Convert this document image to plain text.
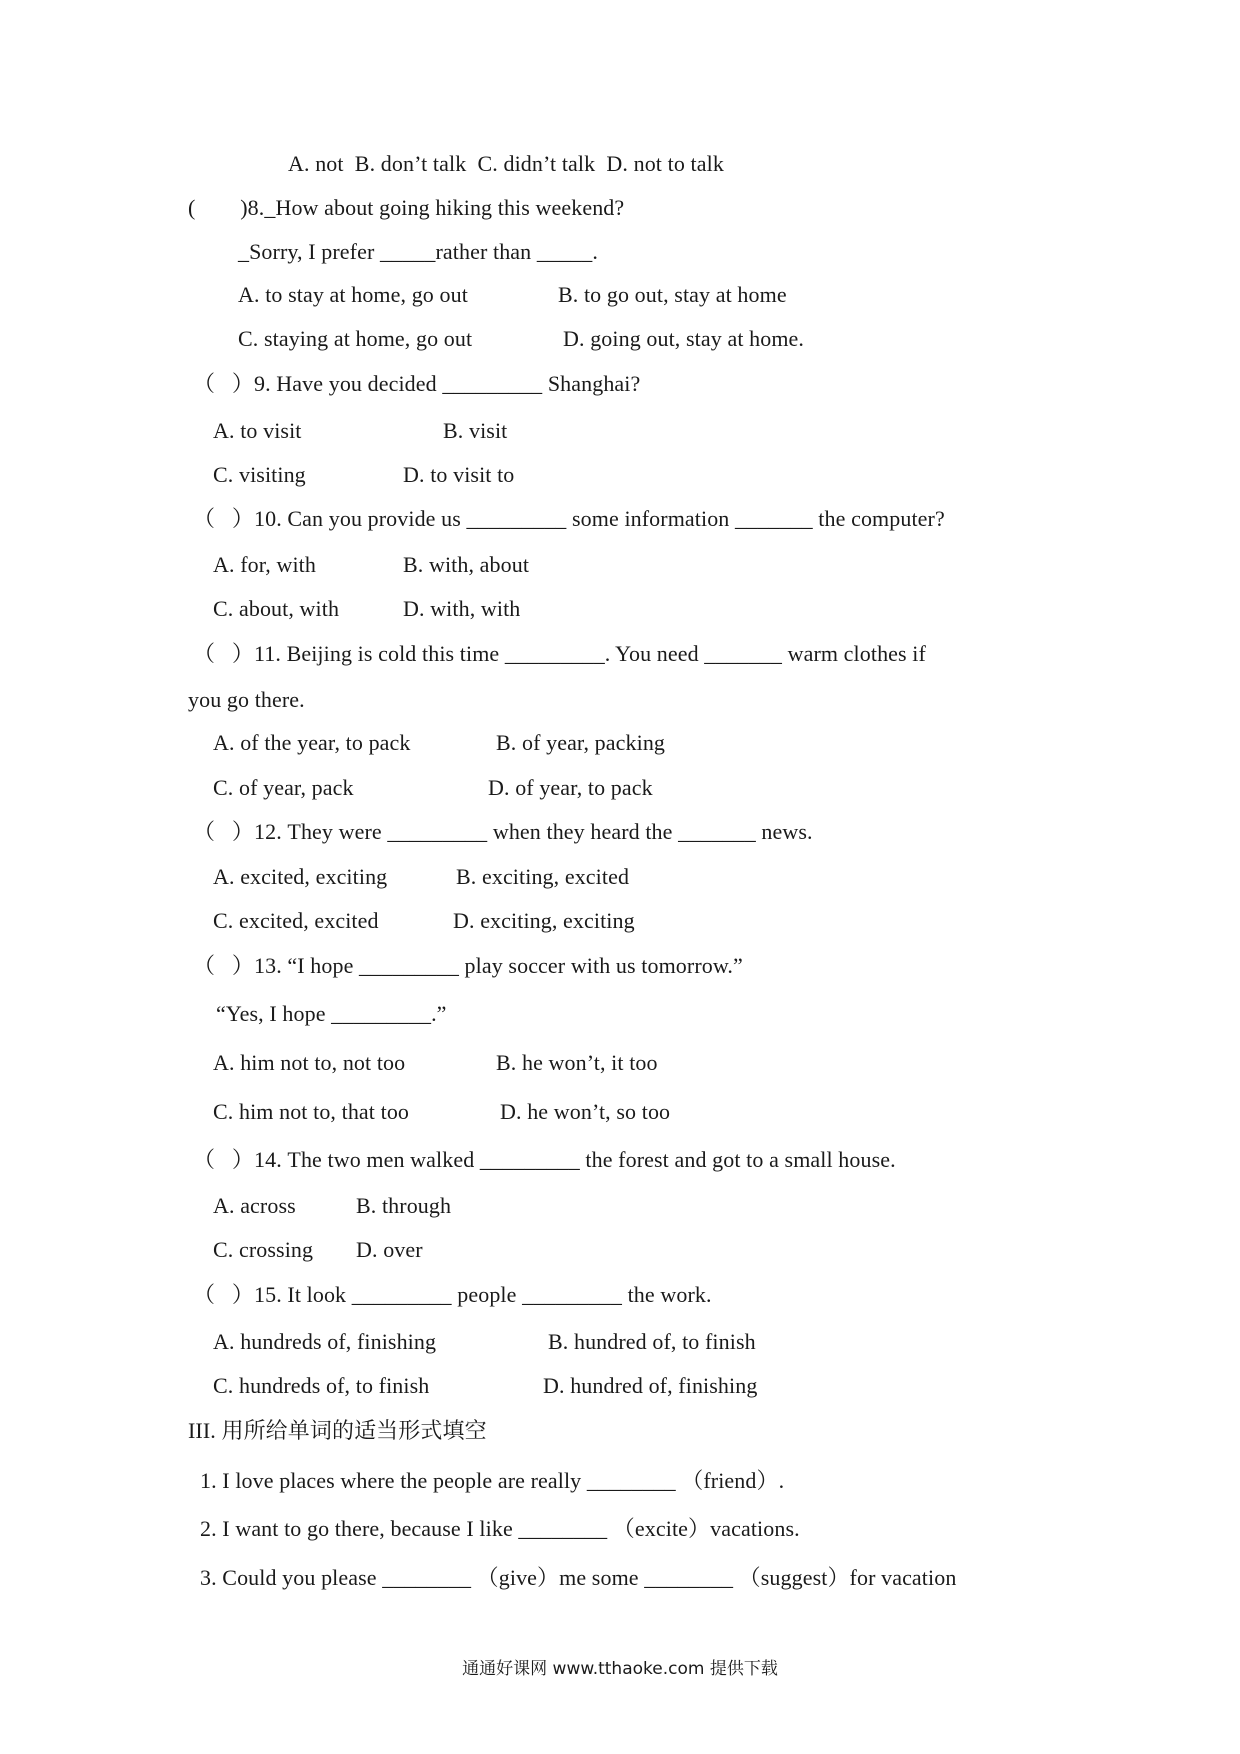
A. not  B. don’t talk  C. didn’t talk  D. not to talk
(        )8._How about going hiking this weekend?
_Sorry, I prefer _____rather than _____.
A. to stay at home, go out	B. to go out, stay at home
C. staying at home, go out	D. going out, stay at home.
（   ）9. Have you decided _________ Shanghai?
A. to visit	B. visit
C. visiting	D. to visit to
（   ）10. Can you provide us _________ some information _______ the computer?
A. for, with	B. with, about
C. about, with	D. with, with
（   ）11. Beijing is cold this time _________. You need _______ warm clothes if
you go there.
A. of the year, to pack	B. of year, packing
C. of year, pack	D. of year, to pack
（   ）12. They were _________ when they heard the _______ news.
A. excited, exciting	B. exciting, excited
C. excited, excited	D. exciting, exciting
（   ）13. “I hope _________ play soccer with us tomorrow.”
“Yes, I hope _________.”
A. him not to, not too	B. he won’t, it too
C. him not to, that too	D. he won’t, so too
（   ）14. The two men walked _________ the forest and got to a small house.
A. across	B. through
C. crossing D. over
（   ）15. It look _________ people _________ the work.
A. hundreds of, finishing	B. hundred of, to finish
C. hundreds of, to finish	D. hundred of, finishing
III. 用所给单词的适当形式填空
1. I love places where the people are really ________ （friend）.
2. I want to go there, because I like ________ （excite）vacations.
3. Could you please ________ （give）me some ________ （suggest）for vacation
通通好课网 www.tthaoke.com 提供下载
